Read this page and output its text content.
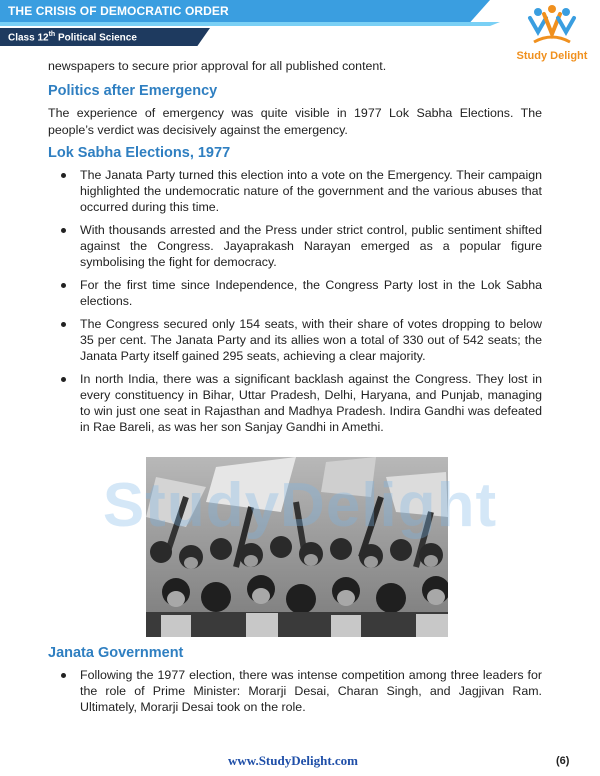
THE CRISIS OF DEMOCRATIC ORDER
Class 12th Political Science
Study Delight

newspapers to secure prior approval for all published content.

Politics after Emergency

The experience of emergency was quite visible in 1977 Lok Sabha Elections. The people’s verdict was decisively against the emergency.

Lok Sabha Elections, 1977
The Janata Party turned this election into a vote on the Emergency. Their campaign highlighted the undemocratic nature of the government and the various abuses that occurred during this time.
With thousands arrested and the Press under strict control, public sentiment shifted against the Congress. Jayaprakash Narayan emerged as a popular figure symbolising the fight for democracy.
For the first time since Independence, the Congress Party lost in the Lok Sabha elections.
The Congress secured only 154 seats, with their share of votes dropping to below 35 per cent. The Janata Party and its allies won a total of 330 out of 542 seats; the Janata Party itself gained 295 seats, achieving a clear majority.
In north India, there was a significant backlash against the Congress. They lost in every constituency in Bihar, Uttar Pradesh, Delhi, Haryana, and Punjab, managing to win just one seat in Rajasthan and Madhya Pradesh. Indira Gandhi was defeated in Rae Bareli, as was her son Sanjay Gandhi in Amethi.
StudyDelight
Janata Government
Following the 1977 election, there was intense competition among three leaders for the role of Prime Minister: Morarji Desai, Charan Singh, and Jagjivan Ram. Ultimately, Morarji Desai took on the role.
www.StudyDelight.com	(6)
